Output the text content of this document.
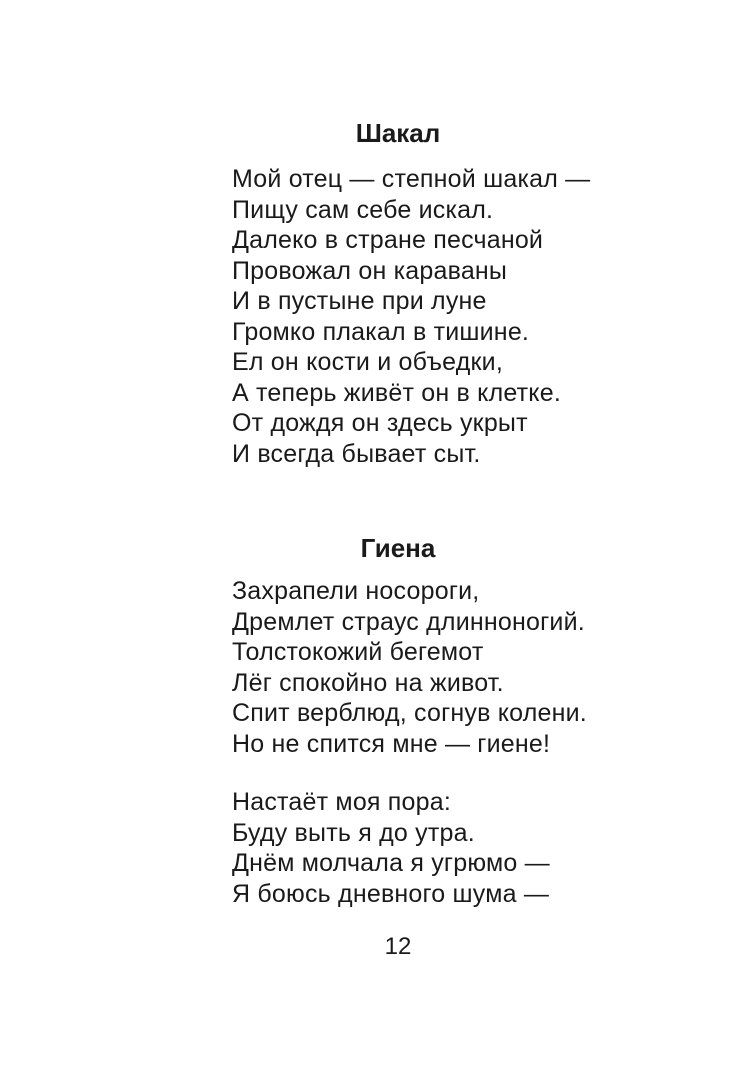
Шакал
Мой отец — степной шакал —
Пищу сам себе искал.
Далеко в стране песчаной
Провожал он караваны
И в пустыне при луне
Громко плакал в тишине.
Ел он кости и объедки,
А теперь живёт он в клетке.
От дождя он здесь укрыт
И всегда бывает сыт.
Гиена
Захрапели носороги,
Дремлет страус длинноногий.
Толстокожий бегемот
Лёг спокойно на живот.
Спит верблюд, согнув колени.
Но не спится мне — гиене!
Настаёт моя пора:
Буду выть я до утра.
Днём молчала я угрюмо —
Я боюсь дневного шума —
12
